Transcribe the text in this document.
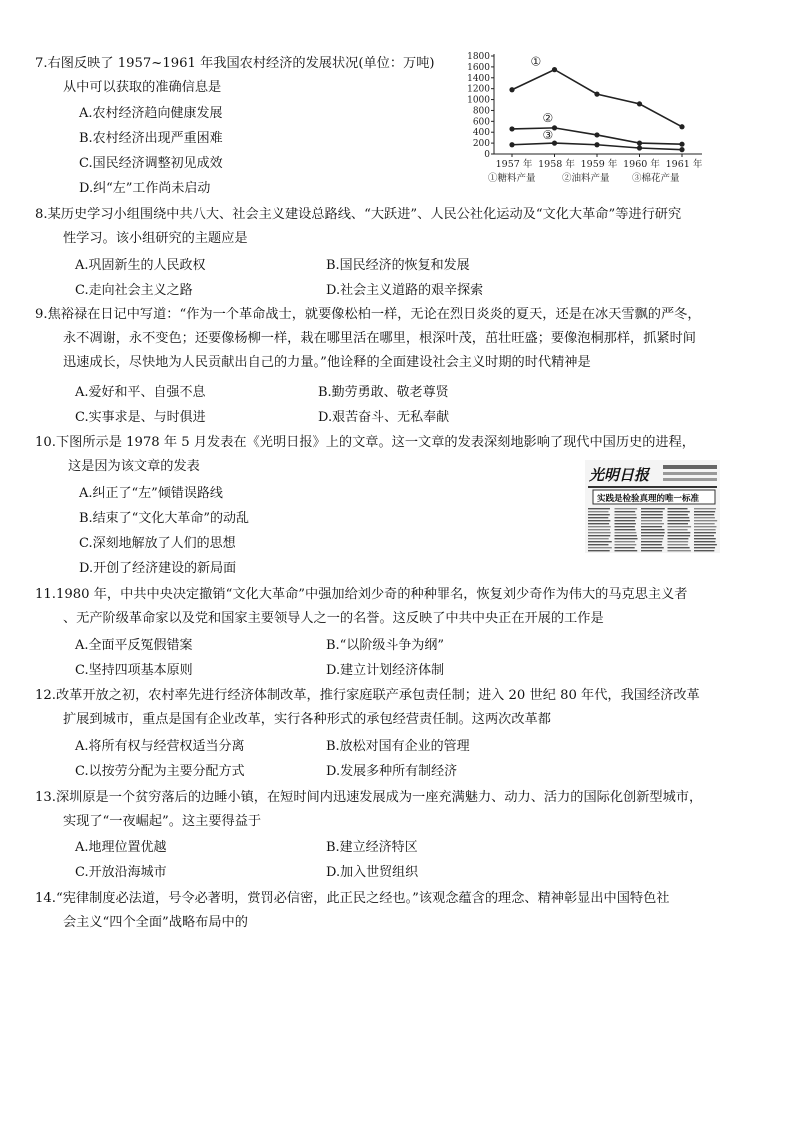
7.右图反映了 1957~1961 年我国农村经济的发展状况(单位：万吨)

从中可以获取的准确信息是

A.农村经济趋向健康发展
B.农村经济出现严重困难
C.国民经济调整初见成效
D.纠“左”工作尚未启动
0
200
400
600
800
1000
1200
1400
1600
1800
1957 年 1958 年 1959 年 1960 年 1961 年
①
②
③
①糖料产量	②油料产量 ③棉花产量

8.某历史学习小组围绕中共八大、社会主义建设总路线、“大跃进”、人民公社化运动及“文化大革命”等进行研究

性学习。该小组研究的主题应是

A.巩固新生的人民政权	B.国民经济的恢复和发展
C.走向社会主义之路	D.社会主义道路的艰辛探索

9.焦裕禄在日记中写道：“作为一个革命战士，就要像松柏一样，无论在烈日炎炎的夏天，还是在冰天雪飘的严冬，

永不凋谢，永不变色；还要像杨柳一样，栽在哪里活在哪里，根深叶茂，茁壮旺盛；要像泡桐那样，抓紧时间

迅速成长，尽快地为人民贡献出自己的力量。”他诠释的全面建设社会主义时期的时代精神是

A.爱好和平、自强不息	B.勤劳勇敢、敬老尊贤
C.实事求是、与时俱进	D.艰苦奋斗、无私奉献

10.下图所示是 1978 年 5 月发表在《光明日报》上的文章。这一文章的发表深刻地影响了现代中国历史的进程，

这是因为该文章的发表

A.纠正了“左”倾错误路线
B.结束了“文化大革命”的动乱
C.深刻地解放了人们的思想
D.开创了经济建设的新局面
光明日报
实践是检验真理的唯一标准

11.1980 年，中共中央决定撤销“文化大革命”中强加给刘少奇的种种罪名，恢复刘少奇作为伟大的马克思主义者

、无产阶级革命家以及党和国家主要领导人之一的名誉。这反映了中共中央正在开展的工作是

A.全面平反冤假错案	B.“以阶级斗争为纲”
C.坚持四项基本原则	D.建立计划经济体制

12.改革开放之初，农村率先进行经济体制改革，推行家庭联产承包责任制；进入 20 世纪 80 年代，我国经济改革

扩展到城市，重点是国有企业改革，实行各种形式的承包经营责任制。这两次改革都

A.将所有权与经营权适当分离	B.放松对国有企业的管理
C.以按劳分配为主要分配方式	D.发展多种所有制经济

13.深圳原是一个贫穷落后的边睡小镇，在短时间内迅速发展成为一座充满魅力、动力、活力的国际化创新型城市，

实现了“一夜崛起”。这主要得益于

A.地理位置优越	B.建立经济特区
C.开放沿海城市	D.加入世贸组织

14.“宪律制度必法道，号令必著明，赏罚必信密，此正民之经也。”该观念蕴含的理念、精神彰显出中国特色社

会主义“四个全面”战略布局中的
